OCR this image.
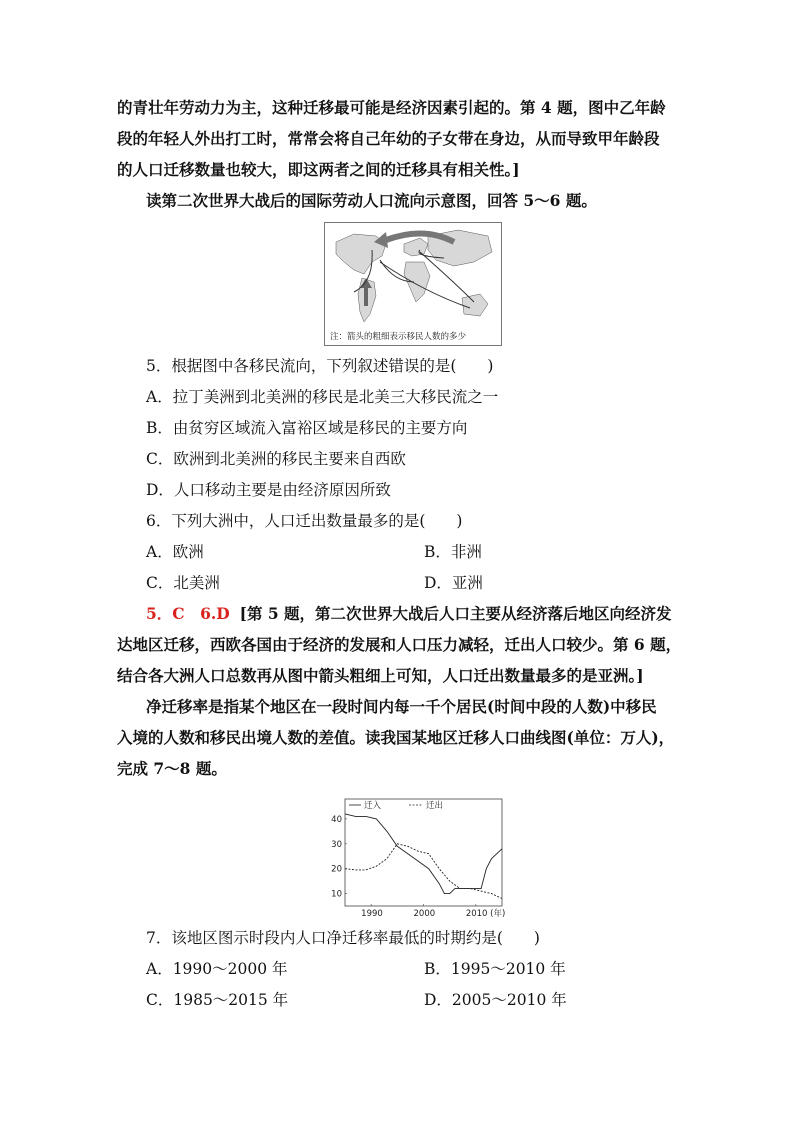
的青壮年劳动力为主，这种迁移最可能是经济因素引起的。第 4 题，图中乙年龄
段的年轻人外出打工时，常常会将自己年幼的子女带在身边，从而导致甲年龄段
的人口迁移数量也较大，即这两者之间的迁移具有相关性。]
读第二次世界大战后的国际劳动人口流向示意图，回答 5～6 题。
注：箭头的粗细表示移民人数的多少
5．根据图中各移民流向，下列叙述错误的是(　　)
A．拉丁美洲到北美洲的移民是北美三大移民流之一
B．由贫穷区域流入富裕区域是移民的主要方向
C．欧洲到北美洲的移民主要来自西欧
D．人口移动主要是由经济原因所致
6．下列大洲中，人口迁出数量最多的是(　　)
A．欧洲	B．非洲
C．北美洲	D．亚洲
5．C　6.D [第 5 题，第二次世界大战后人口主要从经济落后地区向经济发
达地区迁移，西欧各国由于经济的发展和人口压力减轻，迁出人口较少。第 6 题，
结合各大洲人口总数再从图中箭头粗细上可知，人口迁出数量最多的是亚洲。]
净迁移率是指某个地区在一段时间内每一千个居民(时间中段的人数)中移民
入境的人数和移民出境人数的差值。读我国某地区迁移人口曲线图(单位：万人)，
完成 7～8 题。
迁入	迁出
10
20
30
40
1990	2000	2010 (年)
7．该地区图示时段内人口净迁移率最低的时期约是(　　)
A．1990～2000 年	B．1995～2010 年
C．1985～2015 年	D．2005～2010 年
